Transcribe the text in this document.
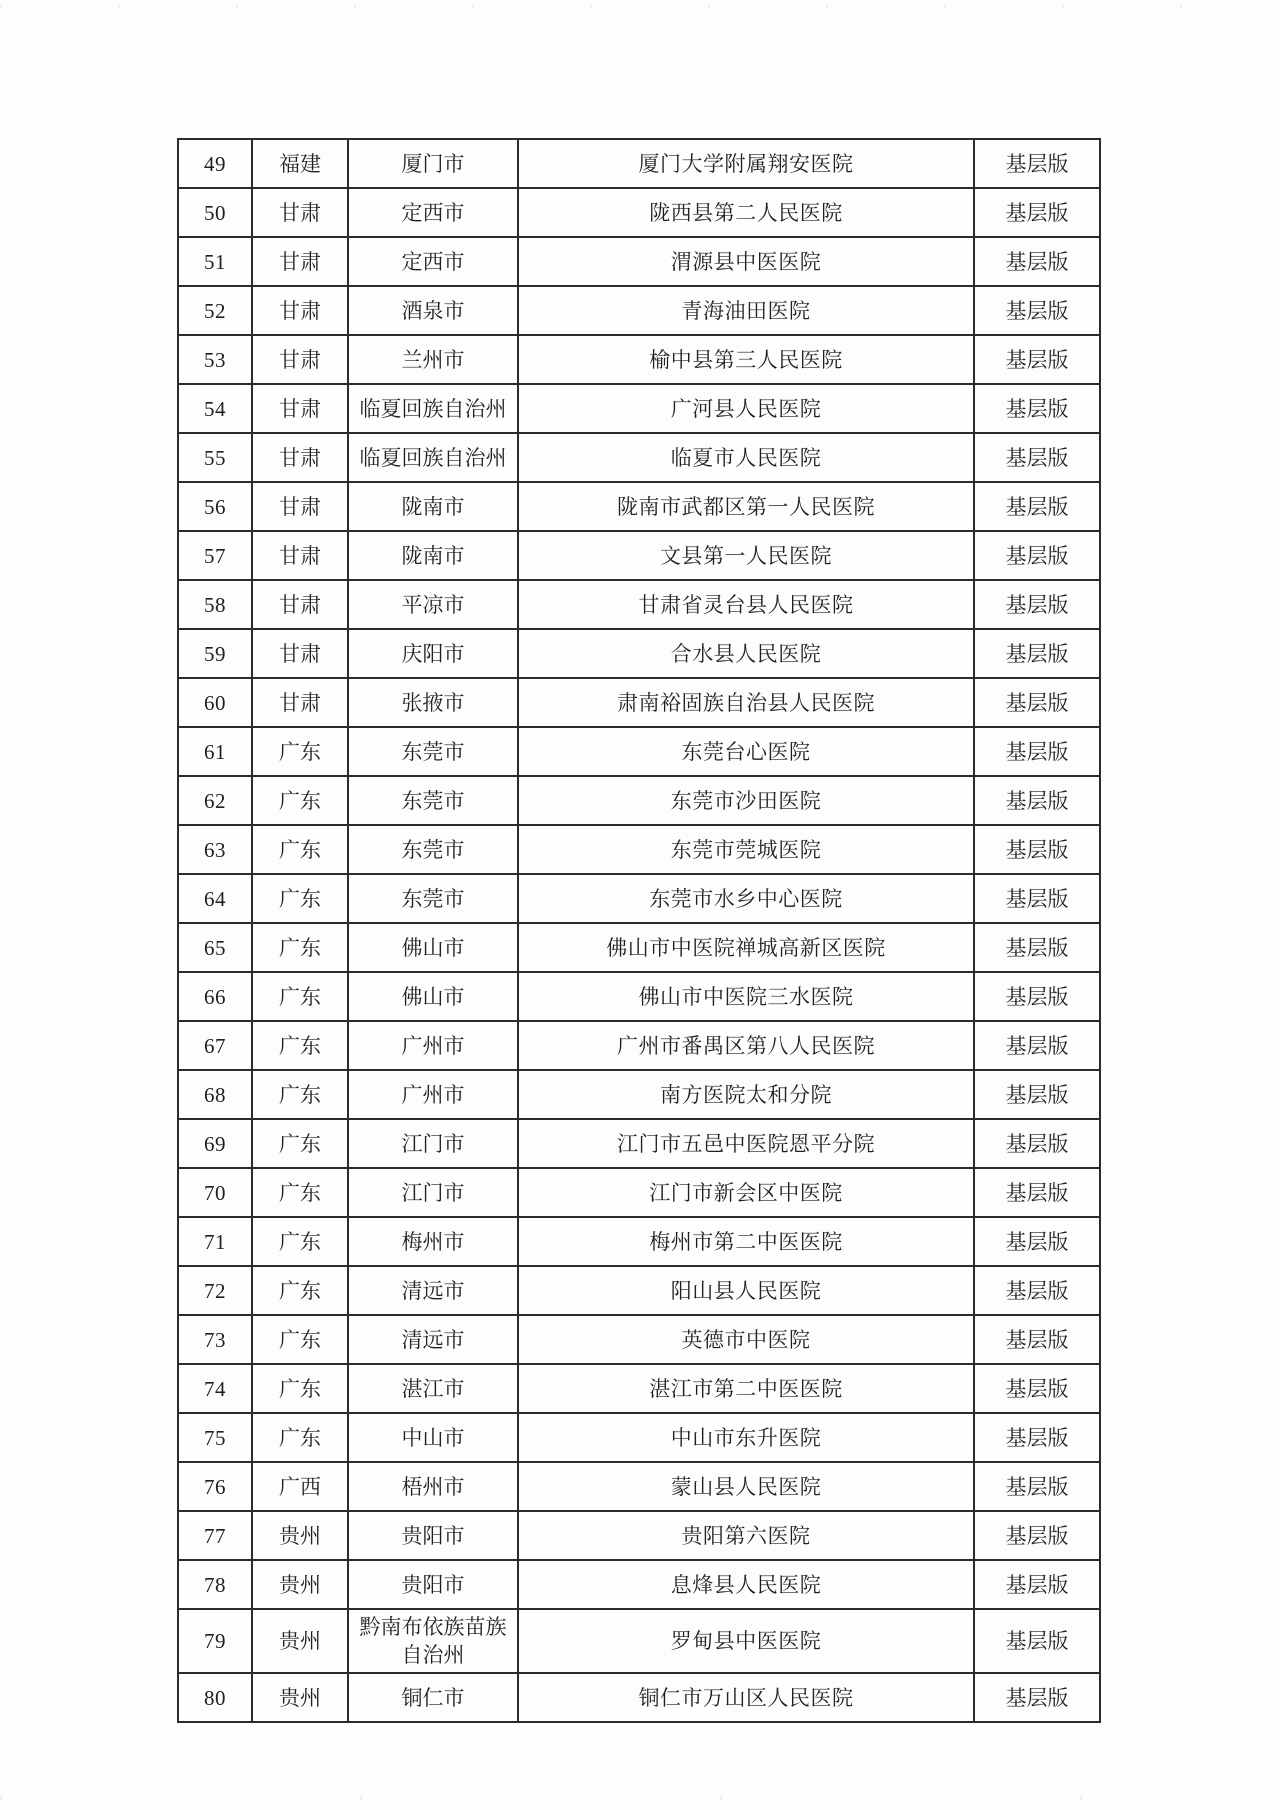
49	福建	厦门市	厦门大学附属翔安医院	基层版
50	甘肃	定西市	陇西县第二人民医院	基层版
51	甘肃	定西市	渭源县中医医院	基层版
52	甘肃	酒泉市	青海油田医院	基层版
53	甘肃	兰州市	榆中县第三人民医院	基层版
54	甘肃	临夏回族自治州	广河县人民医院	基层版
55	甘肃	临夏回族自治州	临夏市人民医院	基层版
56	甘肃	陇南市	陇南市武都区第一人民医院	基层版
57	甘肃	陇南市	文县第一人民医院	基层版
58	甘肃	平凉市	甘肃省灵台县人民医院	基层版
59	甘肃	庆阳市	合水县人民医院	基层版
60	甘肃	张掖市	肃南裕固族自治县人民医院	基层版
61	广东	东莞市	东莞台心医院	基层版
62	广东	东莞市	东莞市沙田医院	基层版
63	广东	东莞市	东莞市莞城医院	基层版
64	广东	东莞市	东莞市水乡中心医院	基层版
65	广东	佛山市	佛山市中医院禅城高新区医院	基层版
66	广东	佛山市	佛山市中医院三水医院	基层版
67	广东	广州市	广州市番禺区第八人民医院	基层版
68	广东	广州市	南方医院太和分院	基层版
69	广东	江门市	江门市五邑中医院恩平分院	基层版
70	广东	江门市	江门市新会区中医院	基层版
71	广东	梅州市	梅州市第二中医医院	基层版
72	广东	清远市	阳山县人民医院	基层版
73	广东	清远市	英德市中医院	基层版
74	广东	湛江市	湛江市第二中医医院	基层版
75	广东	中山市	中山市东升医院	基层版
76	广西	梧州市	蒙山县人民医院	基层版
77	贵州	贵阳市	贵阳第六医院	基层版
78	贵州	贵阳市	息烽县人民医院	基层版
79	贵州	黔南布依族苗族自治州	罗甸县中医医院	基层版
80	贵州	铜仁市	铜仁市万山区人民医院	基层版
